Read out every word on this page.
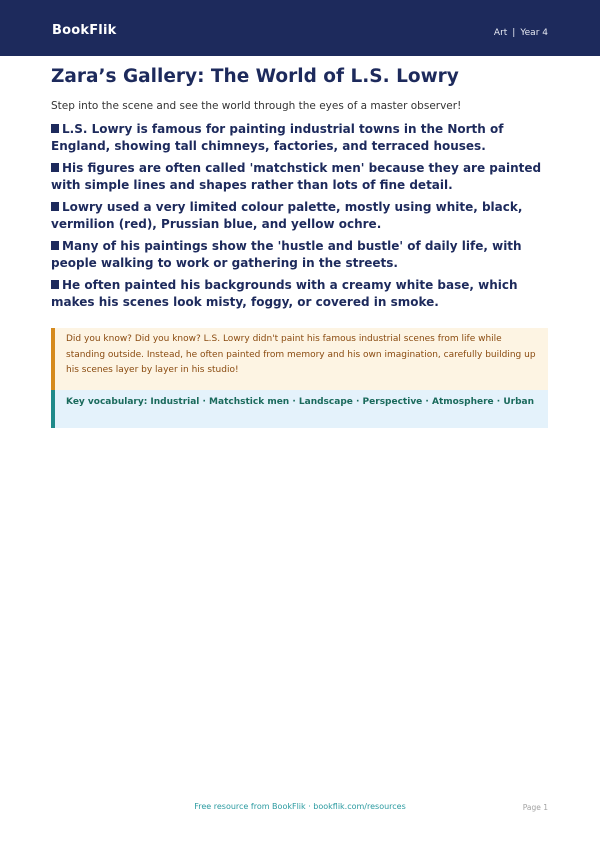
BookFlik	Art | Year 4
Zara’s Gallery: The World of L.S. Lowry
Step into the scene and see the world through the eyes of a master observer!
L.S. Lowry is famous for painting industrial towns in the North of England, showing tall chimneys, factories, and terraced houses.
His figures are often called 'matchstick men' because they are painted with simple lines and shapes rather than lots of fine detail.
Lowry used a very limited colour palette, mostly using white, black, vermilion (red), Prussian blue, and yellow ochre.
Many of his paintings show the 'hustle and bustle' of daily life, with people walking to work or gathering in the streets.
He often painted his backgrounds with a creamy white base, which makes his scenes look misty, foggy, or covered in smoke.
Did you know? Did you know? L.S. Lowry didn't paint his famous industrial scenes from life while standing outside. Instead, he often painted from memory and his own imagination, carefully building up his scenes layer by layer in his studio!
Key vocabulary: Industrial · Matchstick men · Landscape · Perspective · Atmosphere · Urban
Free resource from BookFlik · bookflik.com/resources	Page 1
